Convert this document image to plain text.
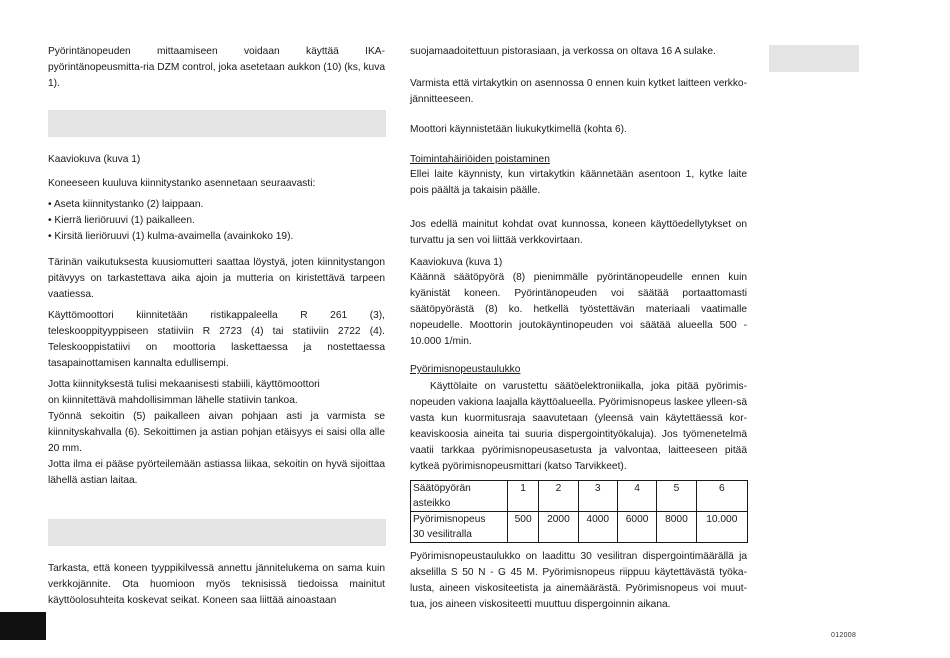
Pyörintänopeuden mittaamiseen voidaan käyttää IKA-pyörintänopeusmitta-ria DZM control, joka asetetaan aukkon (10) (ks, kuva 1).

Kaaviokuva (kuva 1)

Koneeseen kuuluva kiinnitystanko asennetaan seuraavasti:

• Aseta kiinnitystanko (2) laippaan.
• Kierrä lieriöruuvi (1) paikalleen.
• Kirsitä lieriöruuvi (1) kulma-avaimella (avainkoko 19).

Tärinän vaikutuksesta kuusiomutteri saattaa löystyä, joten kiinnitystangon pitävyys on tarkastettava aika ajoin ja mutteria on kiristettävä tarpeen vaatiessa.

Käyttömoottori kiinnitetään ristikappaleella R 261 (3), teleskooppityyppiseen statiiviin R 2723 (4) tai statiiviin 2722 (4). Teleskooppistatiivi on moottoria laskettaessa ja nostettaessa tasapainottamisen kannalta edullisempi.

Jotta kiinnityksestä tulisi mekaanisesti stabiili, käyttömoottori
on kiinnitettävä mahdollisimman lähelle statiivin tankoa.

Työnnä sekoitin (5) paikalleen aivan pohjaan asti ja varmista se kiinnityskahvalla (6). Sekoittimen ja astian pohjan etäisyys ei saisi olla alle 20 mm.

Jotta ilma ei pääse pyörteilemään astiassa liikaa, sekoitin on hyvä sijoittaa lähellä astian laitaa.

Tarkasta, että koneen tyyppikilvessä annettu jännitelukema on sama kuin verkkojännite. Ota huomioon myös teknisissä tiedoissa mainitut käyttöolosuhteita koskevat seikat. Koneen saa liittää ainoastaan

suojamaadoitettuun pistorasiaan, ja verkossa on oltava 16 A sulake.

Varmista että virtakytkin on asennossa 0 ennen kuin kytket laitteen verkko-jännitteeseen.

Moottori käynnistetään liukukytkimellä (kohta 6).

Toimintahäiriöiden poistaminen

Ellei laite käynnisty, kun virtakytkin käännetään asentoon 1, kytke laite pois päältä ja takaisin päälle.

Jos edellä mainitut kohdat ovat kunnossa, koneen käyttöedellytykset on turvattu ja sen voi liittää verkkovirtaan.

Kaaviokuva (kuva 1)

Käännä säätöpyörä (8) pienimmälle pyörintänopeudelle ennen kuin kyänistät koneen. Pyörintänopeuden voi säätää portaattomasti säätöpyörästä (8) ko. hetkellä työstettävän materiaali vaatimalle nopeudelle. Moottorin joutokäyntinopeuden voi säätää alueella 500 - 10.000 1/min.

Pyörimisnopeustaulukko

Käyttölaite on varustettu säätöelektroniikalla, joka pitää pyörimis-nopeuden vakiona laajalla käyttöalueella. Pyörimisnopeus laskee ylleen-sä vasta kun kuormitusraja saavutetaan (yleensä vain käytettäessä kor-keaviskoosia aineita tai suuria dispergointityökaluja). Jos työmenetelmä vaatii tarkkaa pyörimisnopeusasetusta ja valvontaa, laitteeseen pitää kytkeä pyörimisnopeusmittari (katso Tarvikkeet).

Säätöpyörän
asteikko	1	2	3	4	5	6

Pyörimisnopeus
30 vesilitralla	500	2000	4000	6000	8000	10.000

Pyörimisnopeustaulukko on laadittu 30 vesilitran dispergointimäärällä ja akselilla S 50 N - G 45 M. Pyörimisnopeus riippuu käytettävästä työka-lusta, aineen viskositeetista ja ainemäärästä. Pyörimisnopeus voi muut-tua, jos aineen viskositeetti muuttuu dispergoinnin aikana.

012008
